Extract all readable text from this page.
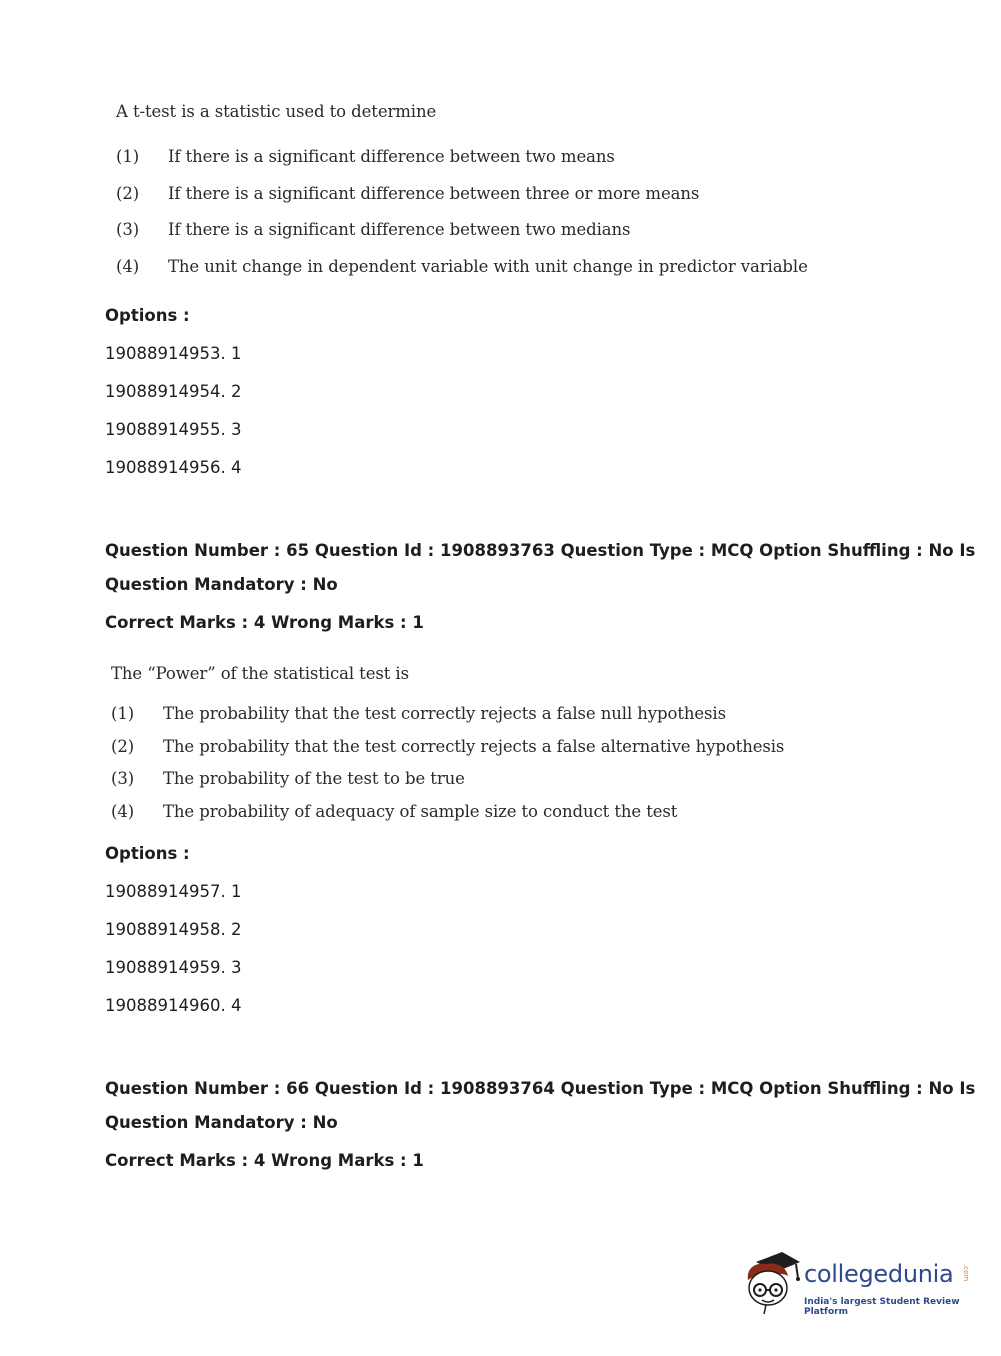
A t-test is a statistic used to determine
(1) If there is a significant difference between two means
(2) If there is a significant difference between three or more means
(3) If there is a significant difference between two medians
(4) The unit change in dependent variable with unit change in predictor variable
Options :
19088914953. 1
19088914954. 2
19088914955. 3
19088914956. 4
Question Number : 65 Question Id : 1908893763 Question Type : MCQ Option Shuffling : No Is
Question Mandatory : No
Correct Marks : 4 Wrong Marks : 1
The “Power” of the statistical test is
(1) The probability that the test correctly rejects a false null hypothesis
(2) The probability that the test correctly rejects a false alternative hypothesis
(3) The probability of the test to be true
(4) The probability of adequacy of sample size to conduct the test
Options :
19088914957. 1
19088914958. 2
19088914959. 3
19088914960. 4
Question Number : 66 Question Id : 1908893764 Question Type : MCQ Option Shuffling : No Is
Question Mandatory : No
Correct Marks : 4 Wrong Marks : 1
collegedunia .com
India's largest Student Review Platform
